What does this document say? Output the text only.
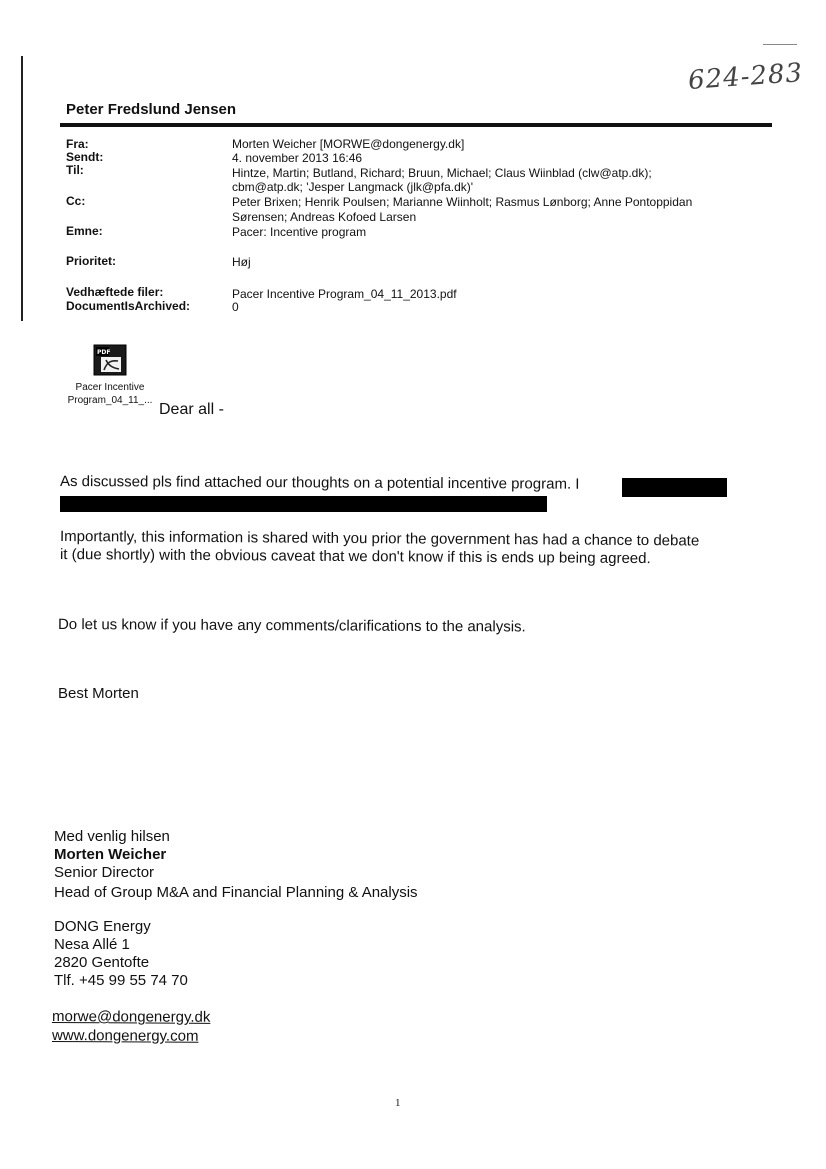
624-283
Peter Fredslund Jensen
Fra:	Morten Weicher [MORWE@dongenergy.dk]
Sendt:	4. november 2013 16:46
Til:	Hintze, Martin; Butland, Richard; Bruun, Michael; Claus Wiinblad (clw@atp.dk);
cbm@atp.dk; 'Jesper Langmack (jlk@pfa.dk)'
Cc:	Peter Brixen; Henrik Poulsen; Marianne Wiinholt; Rasmus Lønborg; Anne Pontoppidan
Sørensen; Andreas Kofoed Larsen
Emne:	Pacer: Incentive program
Prioritet:	Høj
Vedhæftede filer:	Pacer Incentive Program_04_11_2013.pdf
DocumentIsArchived:	0
PDF
Pacer Incentive
Program_04_11_...
Dear all -
As discussed pls find attached our thoughts on a potential incentive program. I
Importantly, this information is shared with you prior the government has had a chance to debate
it (due shortly) with the obvious caveat that we don't know if this is ends up being agreed.
Do let us know if you have any comments/clarifications to the analysis.
Best Morten
Med venlig hilsen
Morten Weicher
Senior Director
Head of Group M&A and Financial Planning & Analysis
DONG Energy
Nesa Allé 1
2820 Gentofte
Tlf. +45 99 55 74 70
morwe@dongenergy.dk
www.dongenergy.com
1
